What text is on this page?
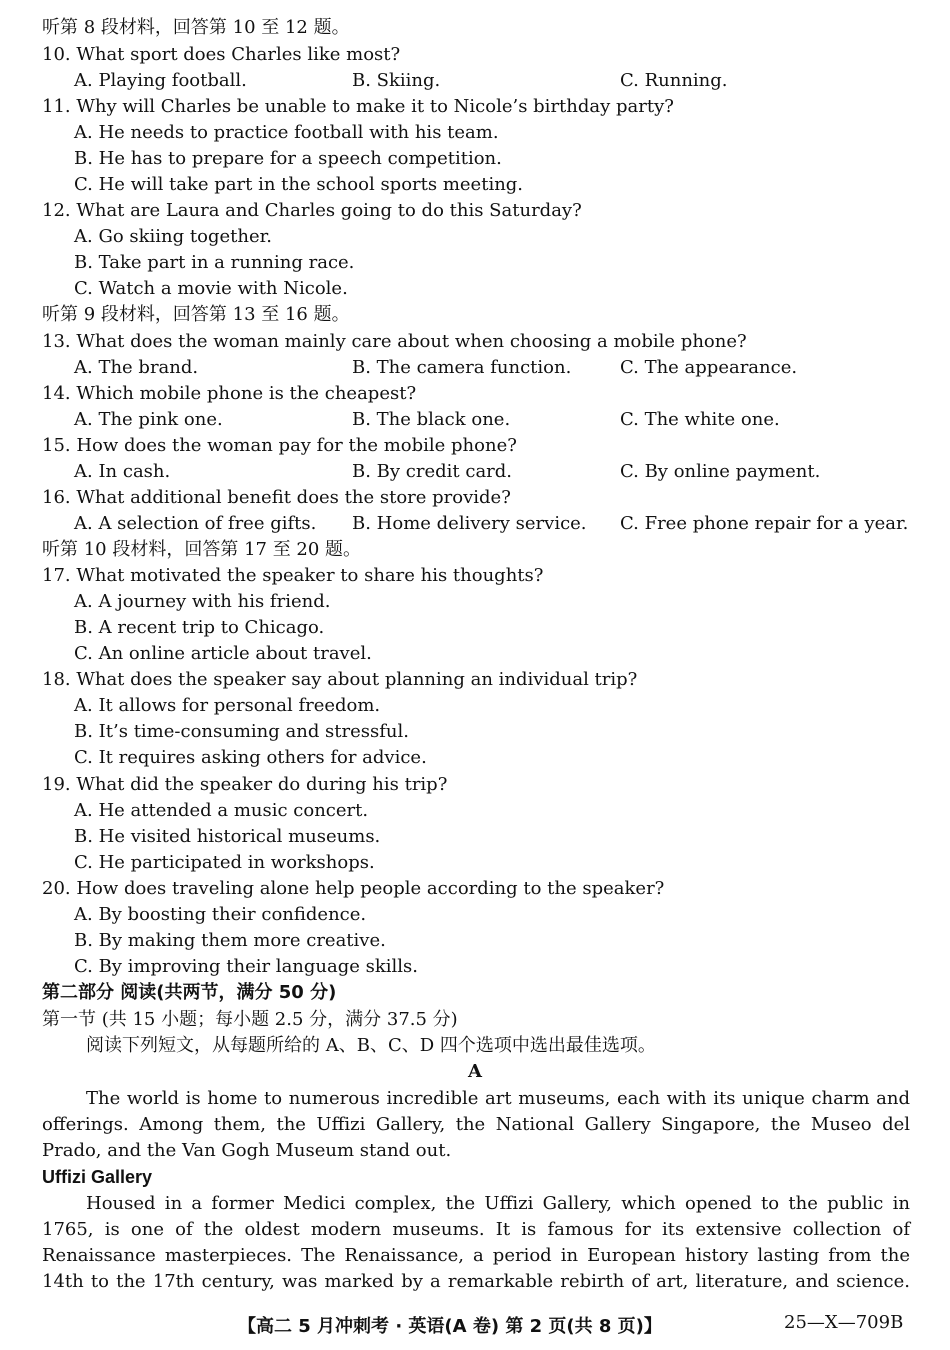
听第 8 段材料，回答第 10 至 12 题。
10. What sport does Charles like most?
A. Playing football.	B. Skiing.	C. Running.
11. Why will Charles be unable to make it to Nicole’s birthday party?
A. He needs to practice football with his team.
B. He has to prepare for a speech competition.
C. He will take part in the school sports meeting.
12. What are Laura and Charles going to do this Saturday?
A. Go skiing together.
B. Take part in a running race.
C. Watch a movie with Nicole.
听第 9 段材料，回答第 13 至 16 题。
13. What does the woman mainly care about when choosing a mobile phone?
A. The brand.	B. The camera function.	C. The appearance.
14. Which mobile phone is the cheapest?
A. The pink one.	B. The black one.	C. The white one.
15. How does the woman pay for the mobile phone?
A. In cash.	B. By credit card.	C. By online payment.
16. What additional benefit does the store provide?
A. A selection of free gifts. B. Home delivery service. C. Free phone repair for a year.
听第 10 段材料，回答第 17 至 20 题。
17. What motivated the speaker to share his thoughts?
A. A journey with his friend.
B. A recent trip to Chicago.
C. An online article about travel.
18. What does the speaker say about planning an individual trip?
A. It allows for personal freedom.
B. It’s time-consuming and stressful.
C. It requires asking others for advice.
19. What did the speaker do during his trip?
A. He attended a music concert.
B. He visited historical museums.
C. He participated in workshops.
20. How does traveling alone help people according to the speaker?
A. By boosting their confidence.
B. By making them more creative.
C. By improving their language skills.
第二部分 阅读(共两节，满分 50 分)
第一节 (共 15 小题；每小题 2.5 分，满分 37.5 分)
阅读下列短文，从每题所给的 A、B、C、D 四个选项中选出最佳选项。
A
The world is home to numerous incredible art museums, each with its unique charm and
offerings. Among them, the Uffizi Gallery, the National Gallery Singapore, the Museo del
Prado, and the Van Gogh Museum stand out.
Uffizi Gallery
Housed in a former Medici complex, the Uffizi Gallery, which opened to the public in
1765, is one of the oldest modern museums. It is famous for its extensive collection of
Renaissance masterpieces. The Renaissance, a period in European history lasting from the
14th to the 17th century, was marked by a remarkable rebirth of art, literature, and science.
【高二 5 月冲刺考 · 英语(A 卷) 第 2 页(共 8 页)】	25—X—709B
